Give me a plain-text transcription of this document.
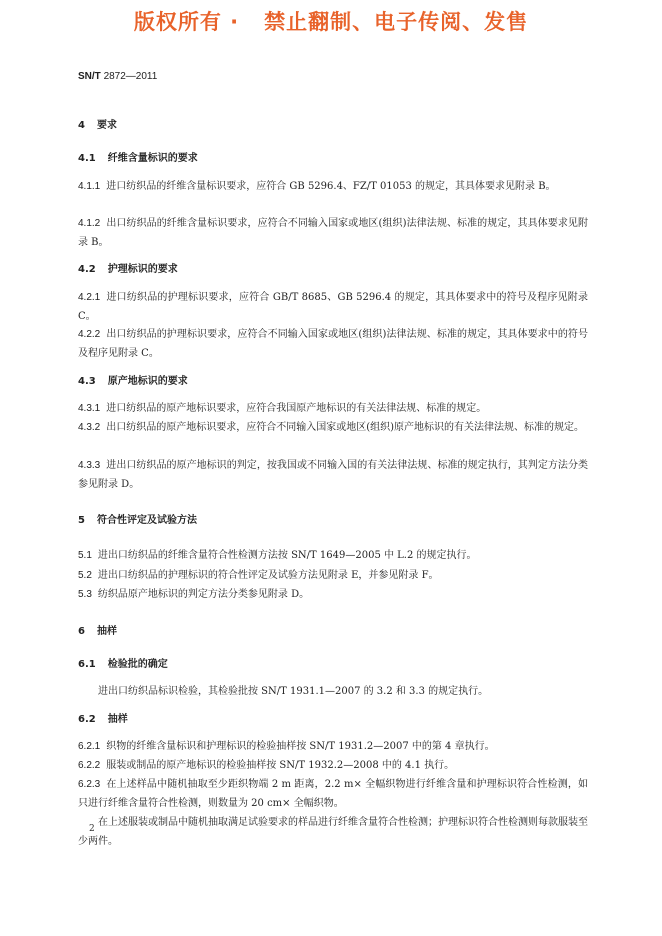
版权所有 ·   禁止翻制、电子传阅、发售
SN/T 2872—2011
4 要求
4.1 纤维含量标识的要求
4.1.1 进口纺织品的纤维含量标识要求，应符合 GB 5296.4、FZ/T 01053 的规定，其具体要求见附录 B。
4.1.2 出口纺织品的纤维含量标识要求，应符合不同输入国家或地区(组织)法律法规、标准的规定，其具体要求见附录 B。
4.2 护理标识的要求
4.2.1 进口纺织品的护理标识要求，应符合 GB/T 8685、GB 5296.4 的规定，其具体要求中的符号及程序见附录 C。
4.2.2 出口纺织品的护理标识要求，应符合不同输入国家或地区(组织)法律法规、标准的规定，其具体要求中的符号及程序见附录 C。
4.3 原产地标识的要求
4.3.1 进口纺织品的原产地标识要求，应符合我国原产地标识的有关法律法规、标准的规定。
4.3.2 出口纺织品的原产地标识要求，应符合不同输入国家或地区(组织)原产地标识的有关法律法规、标准的规定。
4.3.3 进出口纺织品的原产地标识的判定，按我国或不同输入国的有关法律法规、标准的规定执行，其判定方法分类参见附录 D。
5 符合性评定及试验方法
5.1 进出口纺织品的纤维含量符合性检测方法按 SN/T 1649—2005 中 L.2 的规定执行。
5.2 进出口纺织品的护理标识的符合性评定及试验方法见附录 E，并参见附录 F。
5.3 纺织品原产地标识的判定方法分类参见附录 D。
6 抽样
6.1 检验批的确定
进出口纺织品标识检验，其检验批按 SN/T 1931.1—2007 的 3.2 和 3.3 的规定执行。
6.2 抽样
6.2.1 织物的纤维含量标识和护理标识的检验抽样按 SN/T 1931.2—2007 中的第 4 章执行。
6.2.2 服装或制品的原产地标识的检验抽样按 SN/T 1932.2—2008 中的 4.1 执行。
6.2.3 在上述样品中随机抽取至少距织物端 2 m 距离，2.2 m× 全幅织物进行纤维含量和护理标识符合性检测，如只进行纤维含量符合性检测，则数量为 20 cm× 全幅织物。
在上述服装或制品中随机抽取满足试验要求的样品进行纤维含量符合性检测；护理标识符合性检测则每款服装至少两件。
2
